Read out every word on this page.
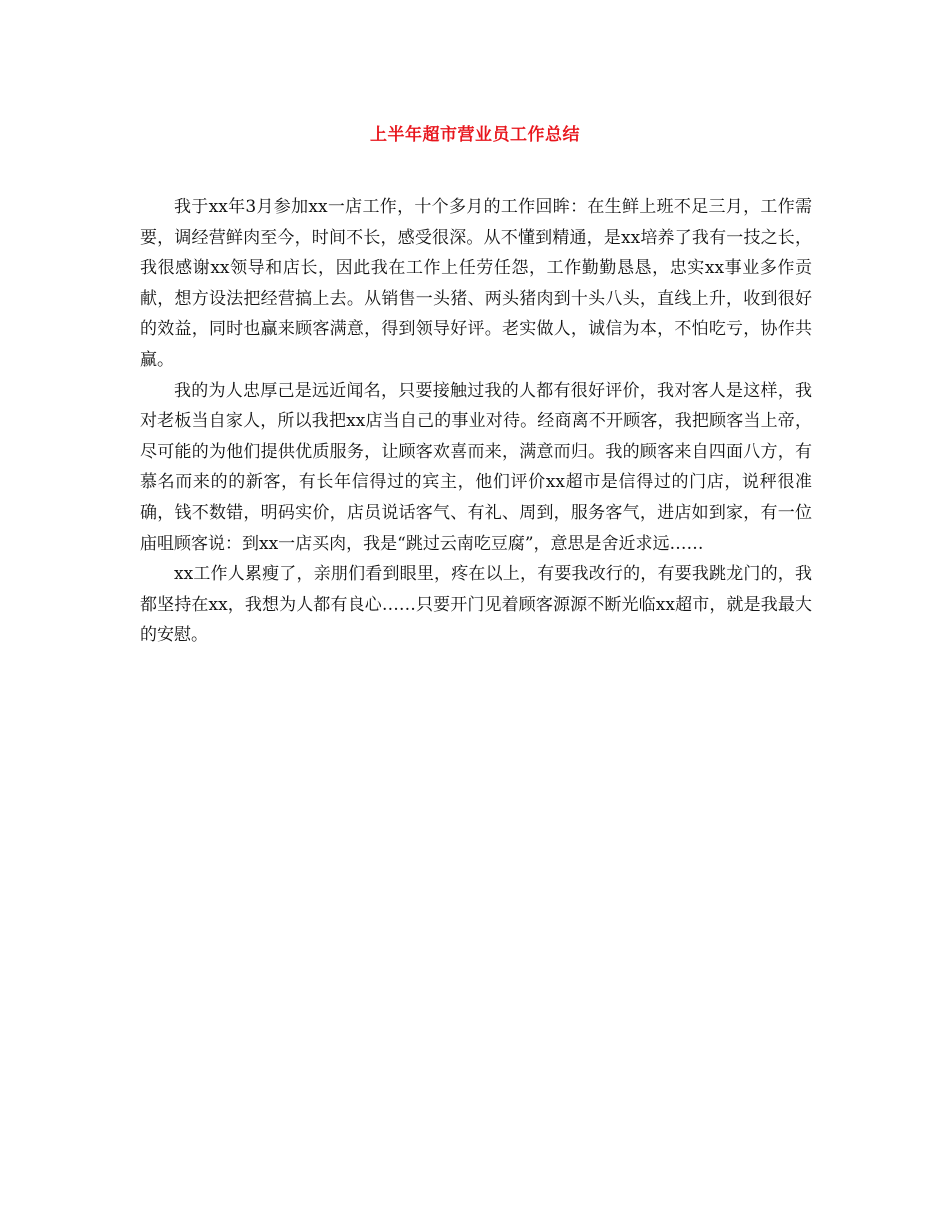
上半年超市营业员工作总结

我于xx年3月参加xx一店工作，十个多月的工作回眸：在生鲜上班不足三月，工作需要，调经营鲜肉至今，时间不长，感受很深。从不懂到精通，是xx培养了我有一技之长，我很感谢xx领导和店长，因此我在工作上任劳任怨，工作勤勤恳恳，忠实xx事业多作贡献，想方设法把经营搞上去。从销售一头猪、两头猪肉到十头八头，直线上升，收到很好的效益，同时也赢来顾客满意，得到领导好评。老实做人，诚信为本，不怕吃亏，协作共赢。

我的为人忠厚己是远近闻名，只要接触过我的人都有很好评价，我对客人是这样，我对老板当自家人，所以我把xx店当自己的事业对待。经商离不开顾客，我把顾客当上帝，尽可能的为他们提供优质服务，让顾客欢喜而来，满意而归。我的顾客来自四面八方，有慕名而来的的新客，有长年信得过的宾主，他们评价xx超市是信得过的门店，说秤很准确，钱不数错，明码实价，店员说话客气、有礼、周到，服务客气，进店如到家，有一位庙咀顾客说：到xx一店买肉，我是“跳过云南吃豆腐”，意思是舍近求远……

xx工作人累瘦了，亲朋们看到眼里，疼在以上，有要我改行的，有要我跳龙门的，我都坚持在xx，我想为人都有良心……只要开门见着顾客源源不断光临xx超市，就是我最大的安慰。
